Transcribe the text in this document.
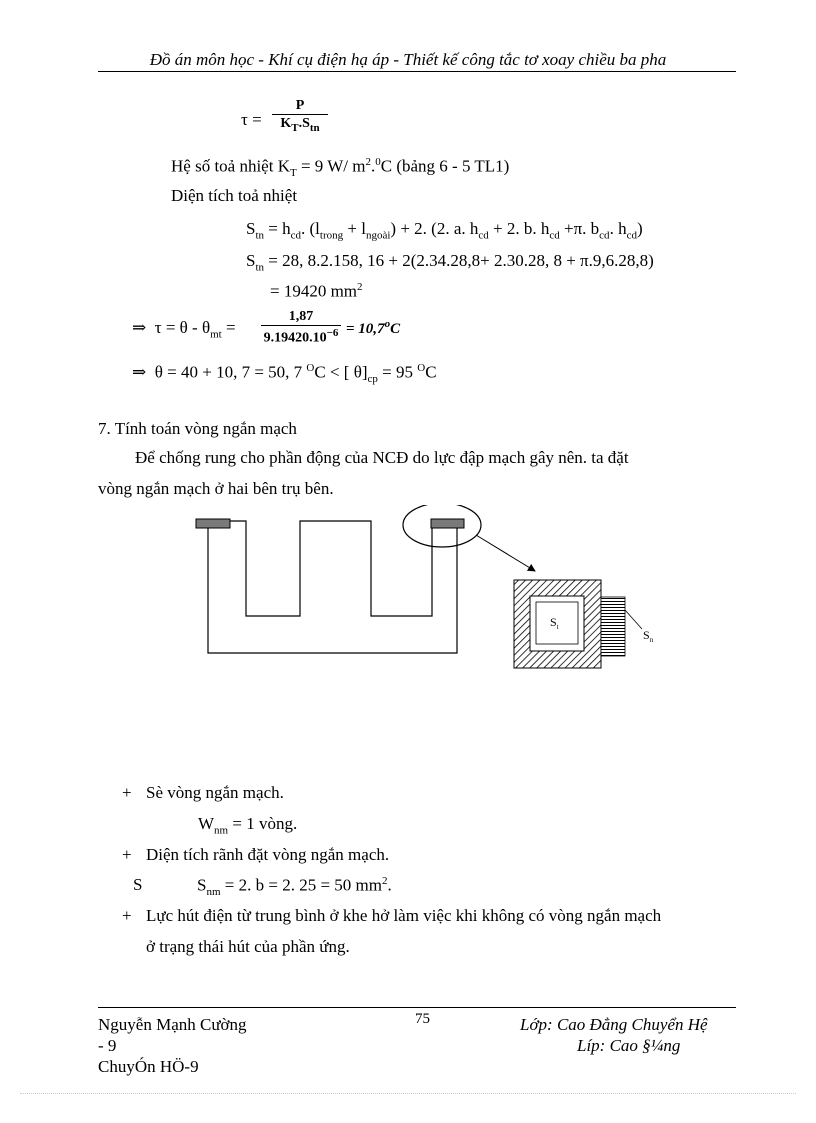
Đồ án môn học - Khí cụ điện hạ áp - Thiết kế công tắc tơ xoay chiều ba pha
τ =
P
$K_T.S_{tn}$
Hệ số toả nhiệt $K_T = 9$ W/ $m^2.^0C$ (bảng 6 - 5 TL1)
Diện tích toả nhiệt
$S_{tn} = h_{cd}$. $(l_{trong} + l_{ngoài}) + 2$. (2. a. $h_{cd} + 2$. b. $h_{cd} +\pi$. $b_{cd}$. $h_{cd}$)
$S_{tn} = 28$, 8.2.158, 16 + 2(2.34.28,8+ 2.30.28, 8 + π.9,6.28,8)
= 19420 $mm^2$
⇒ $\tau = \theta - \theta_{mt} = \frac{1,87}{9.19420.10^{-6}} = 10,7^oC$
⇒ θ = 40 + 10, 7 = 50, 7 $^O$C < [ $\theta]_{cp} = 95$ $^O$C
7. Tính toán vòng ngắn mạch
Để chống rung cho phần động của NCĐ do lực đập mạch gây nên. ta đặt
vòng ngắn mạch ở hai bên trụ bên.
$S_t$
$S_n$
+ Sè vòng ngắn mạch.
$W_{nm} = 1$ vòng.
+ Diện tích rãnh đặt vòng ngắn mạch.
S	$S_{nm} = 2$. b = 2. 25 = 50 $mm^2$.
+ Lực hút điện từ trung bình ở khe hở làm việc khi không có vòng ngắn mạch
ở trạng thái hút của phần ứng.
Nguyễn Mạnh Cường
- 9
ChuyÓn HÖ-9
75	Lớp: Cao Đẳng Chuyển Hệ
Líp: Cao §¼ng
